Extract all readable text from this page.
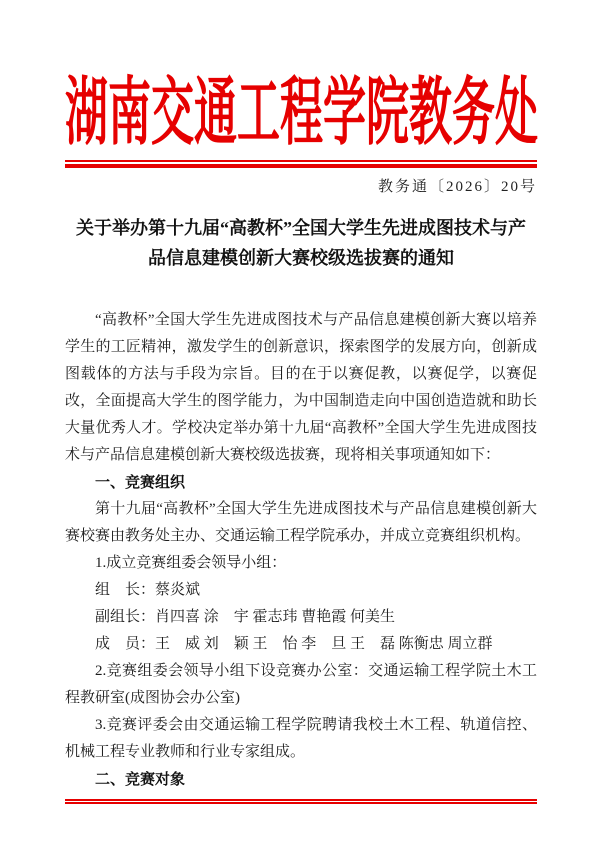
湖南交通工程学院教务处
教务通〔2026〕20号
关于举办第十九届“高教杯”全国大学生先进成图技术与产
品信息建模创新大赛校级选拔赛的通知

“高教杯”全国大学生先进成图技术与产品信息建模创新大赛以培养学生的工匠精神，激发学生的创新意识，探索图学的发展方向，创新成图载体的方法与手段为宗旨。目的在于以赛促教，以赛促学，以赛促改，全面提高大学生的图学能力，为中国制造走向中国创造造就和助长大量优秀人才。学校决定举办第十九届“高教杯”全国大学生先进成图技术与产品信息建模创新大赛校级选拔赛，现将相关事项通知如下：

一、竞赛组织

第十九届“高教杯”全国大学生先进成图技术与产品信息建模创新大赛校赛由教务处主办、交通运输工程学院承办，并成立竞赛组织机构。

1.成立竞赛组委会领导小组：

组　长：蔡炎斌

副组长：肖四喜 涂　宇 霍志玮 曹艳霞 何美生

成　员：王　威 刘　颖 王　怡 李　旦 王　磊 陈衡忠 周立群

2.竞赛组委会领导小组下设竞赛办公室：交通运输工程学院土木工程教研室(成图协会办公室)

3.竞赛评委会由交通运输工程学院聘请我校土木工程、轨道信控、机械工程专业教师和行业专家组成。

二、竞赛对象
